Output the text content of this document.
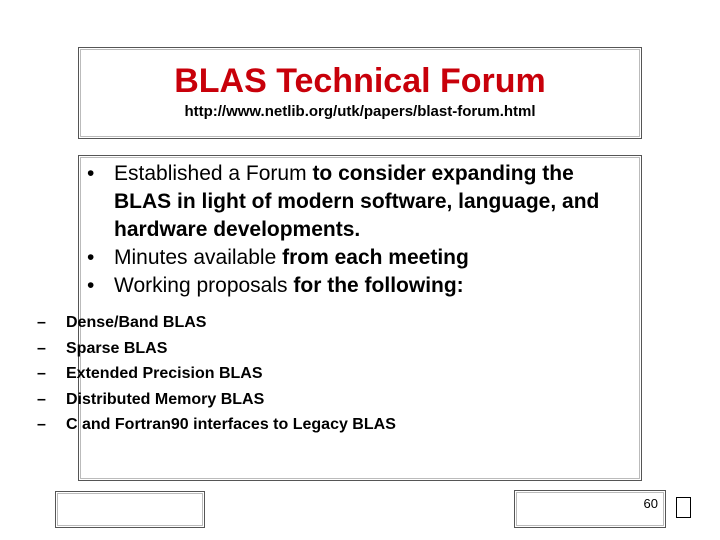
BLAS Technical Forum
http://www.netlib.org/utk/papers/blast-forum.html
• Established a Forum to consider expanding the BLAS in light of modern software, language, and hardware developments.
• Minutes available from each meeting
• Working proposals for the following:
– Dense/Band BLAS
– Sparse BLAS
– Extended Precision BLAS
– Distributed Memory BLAS
– C and Fortran90 interfaces to Legacy BLAS
60
